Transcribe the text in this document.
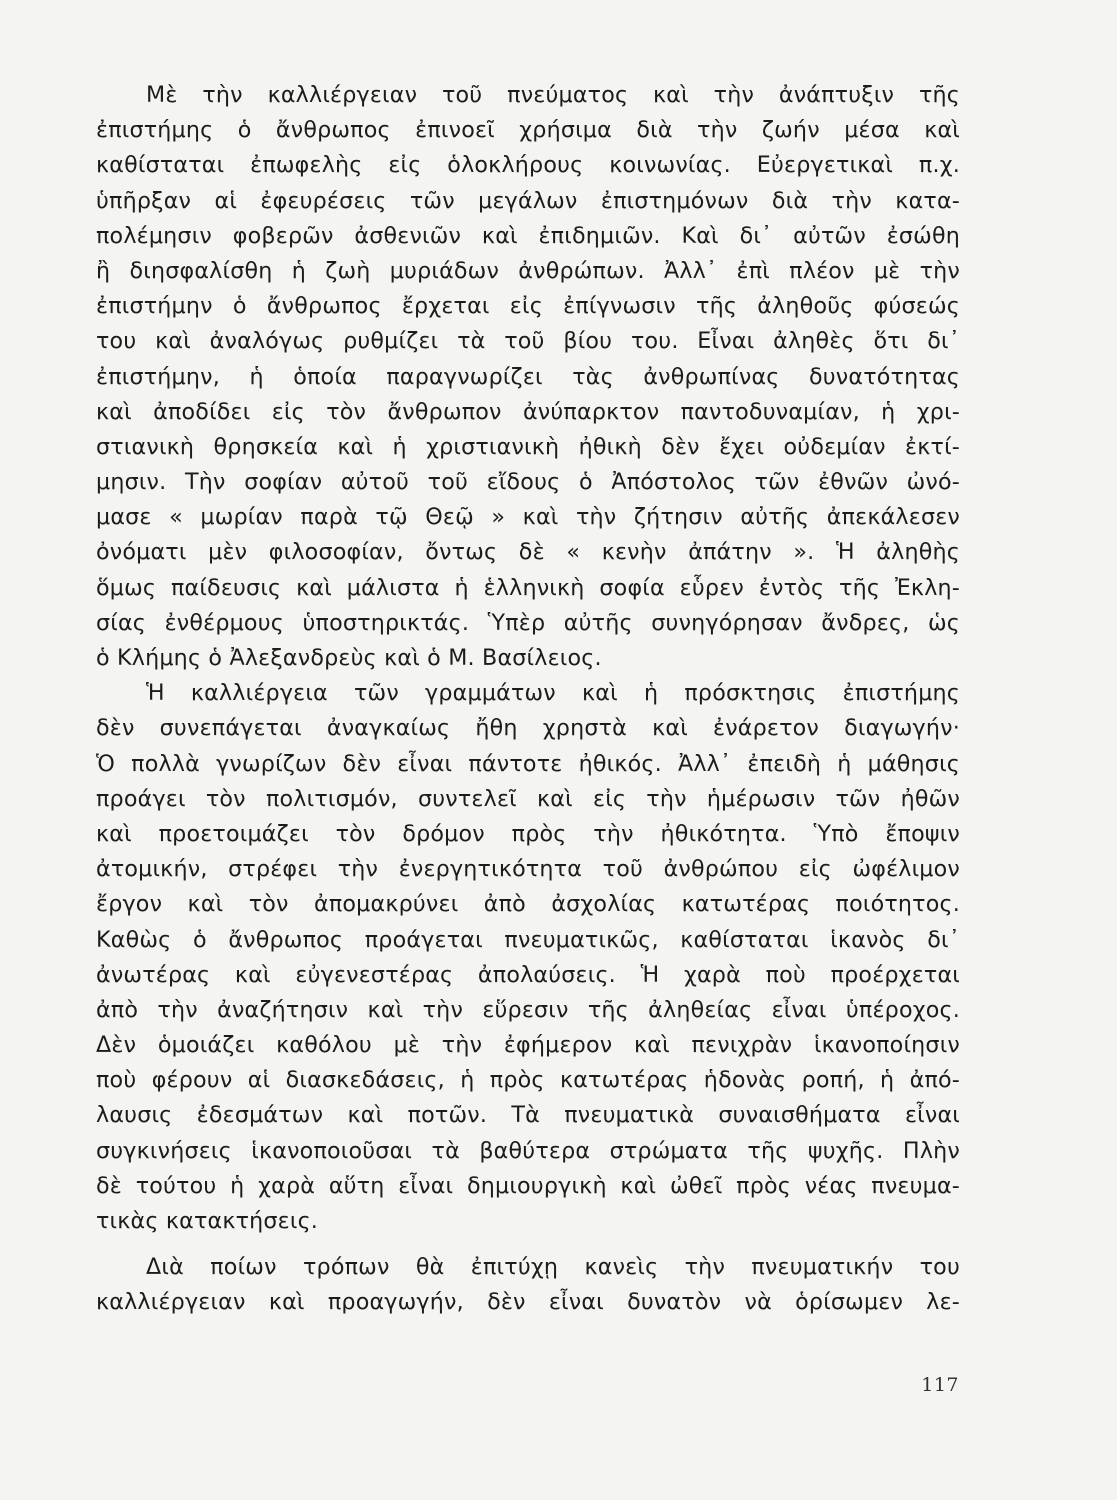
Μὲ τὴν καλλιέργειαν τοῦ πνεύματος καὶ τὴν ἀνάπτυξιν τῆς
ἐπιστήμης ὁ ἄνθρωπος ἐπινοεῖ χρήσιμα διὰ τὴν ζωήν μέσα καὶ
καθίσταται ἐπωφελὴς εἰς ὁλοκλήρους κοινωνίας. Εὐεργετικαὶ π.χ.
ὑπῆρξαν αἱ ἐφευρέσεις τῶν μεγάλων ἐπιστημόνων διὰ τὴν κατα-
πολέμησιν φοβερῶν ἀσθενιῶν καὶ ἐπιδημιῶν. Καὶ δι᾽ αὐτῶν ἐσώθη
ἢ διησφαλίσθη ἡ ζωὴ μυριάδων ἀνθρώπων. Ἀλλ᾽ ἐπὶ πλέον μὲ τὴν
ἐπιστήμην ὁ ἄνθρωπος ἔρχεται εἰς ἐπίγνωσιν τῆς ἀληθοῦς φύσεώς
του καὶ ἀναλόγως ρυθμίζει τὰ τοῦ βίου του. Εἶναι ἀληθὲς ὅτι δι᾽
ἐπιστήμην, ἡ ὁποία παραγνωρίζει τὰς ἀνθρωπίνας δυνατότητας
καὶ ἀποδίδει εἰς τὸν ἄνθρωπον ἀνύπαρκτον παντοδυναμίαν, ἡ χρι-
στιανικὴ θρησκεία καὶ ἡ χριστιανικὴ ἠθικὴ δὲν ἔχει οὐδεμίαν ἐκτί-
μησιν. Τὴν σοφίαν αὐτοῦ τοῦ εἴδους ὁ Ἀπόστολος τῶν ἐθνῶν ὠνό-
μασε « μωρίαν παρὰ τῷ Θεῷ » καὶ τὴν ζήτησιν αὐτῆς ἀπεκάλεσεν
ὀνόματι μὲν φιλοσοφίαν, ὄντως δὲ « κενὴν ἀπάτην ». Ἡ ἀληθὴς
ὅμως παίδευσις καὶ μάλιστα ἡ ἑλληνικὴ σοφία εὗρεν ἐντὸς τῆς Ἐκλη-
σίας ἐνθέρμους ὑποστηρικτάς. Ὑπὲρ αὐτῆς συνηγόρησαν ἄνδρες, ὡς
ὁ Κλήμης ὁ Ἀλεξανδρεὺς καὶ ὁ Μ. Βασίλειος.
Ἡ καλλιέργεια τῶν γραμμάτων καὶ ἡ πρόσκτησις ἐπιστήμης
δὲν συνεπάγεται ἀναγκαίως ἤθη χρηστὰ καὶ ἐνάρετον διαγωγήν·
Ὁ πολλὰ γνωρίζων δὲν εἶναι πάντοτε ἠθικός. Ἀλλ᾽ ἐπειδὴ ἡ μάθησις
προάγει τὸν πολιτισμόν, συντελεῖ καὶ εἰς τὴν ἡμέρωσιν τῶν ἠθῶν
καὶ προετοιμάζει τὸν δρόμον πρὸς τὴν ἠθικότητα. Ὑπὸ ἔποψιν
ἀτομικήν, στρέφει τὴν ἐνεργητικότητα τοῦ ἀνθρώπου εἰς ὠφέλιμον
ἔργον καὶ τὸν ἀπομακρύνει ἀπὸ ἀσχολίας κατωτέρας ποιότητος.
Καθὼς ὁ ἄνθρωπος προάγεται πνευματικῶς, καθίσταται ἱκανὸς δι᾽
ἀνωτέρας καὶ εὐγενεστέρας ἀπολαύσεις. Ἡ χαρὰ ποὺ προέρχεται
ἀπὸ τὴν ἀναζήτησιν καὶ τὴν εὕρεσιν τῆς ἀληθείας εἶναι ὑπέροχος.
Δὲν ὁμοιάζει καθόλου μὲ τὴν ἐφήμερον καὶ πενιχρὰν ἱκανοποίησιν
ποὺ φέρουν αἱ διασκεδάσεις, ἡ πρὸς κατωτέρας ἡδονὰς ροπή, ἡ ἀπό-
λαυσις ἐδεσμάτων καὶ ποτῶν. Τὰ πνευματικὰ συναισθήματα εἶναι
συγκινήσεις ἱκανοποιοῦσαι τὰ βαθύτερα στρώματα τῆς ψυχῆς. Πλὴν
δὲ τούτου ἡ χαρὰ αὕτη εἶναι δημιουργικὴ καὶ ὠθεῖ πρὸς νέας πνευμα-
τικὰς κατακτήσεις.
Διὰ ποίων τρόπων θὰ ἐπιτύχῃ κανεὶς τὴν πνευματικήν του
καλλιέργειαν καὶ προαγωγήν, δὲν εἶναι δυνατὸν νὰ ὁρίσωμεν λε-
117
